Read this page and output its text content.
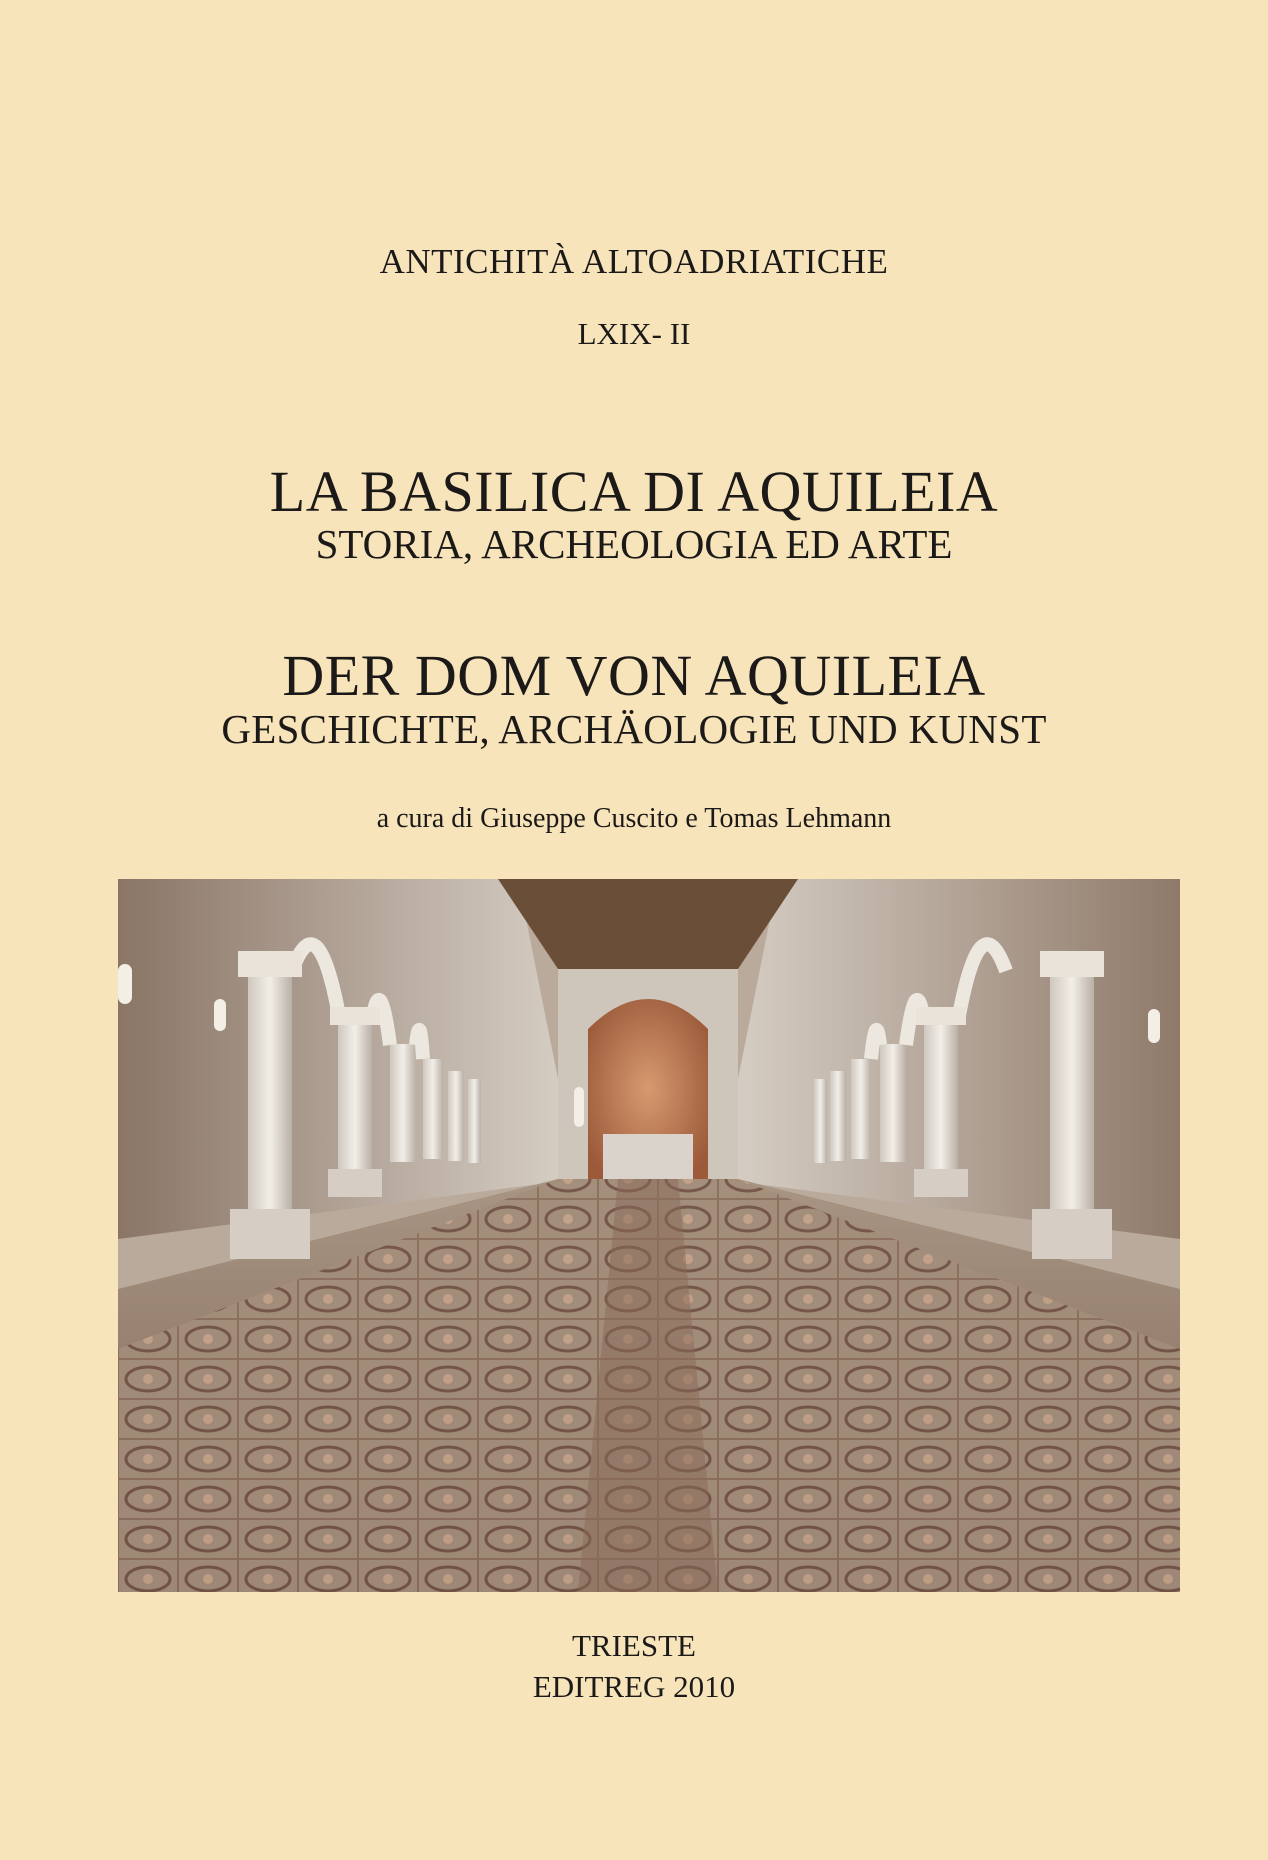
ANTICHITÀ ALTOADRIATICHE
LXIX- II
LA BASILICA DI AQUILEIA
STORIA, ARCHEOLOGIA ED ARTE
DER DOM VON AQUILEIA
GESCHICHTE, ARCHÄOLOGIE UND KUNST
a cura di Giuseppe Cuscito e Tomas Lehmann
TRIESTE
EDITREG 2010
